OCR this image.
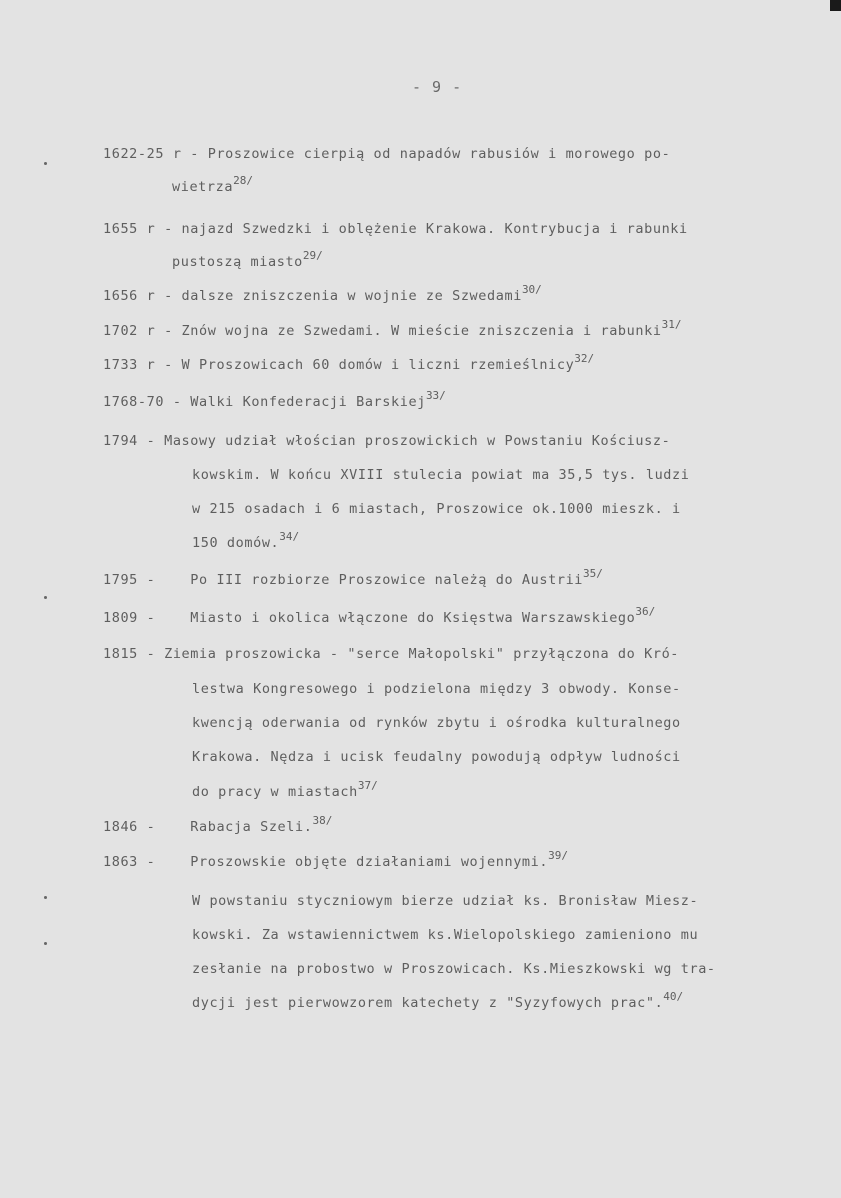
- 9 -
1622-25 r - Proszowice cierpią od napadów rabusiów i morowego po-
wietrza$^{28/}$
1655 r - najazd Szwedzki i oblężenie Krakowa. Kontrybucja i rabunki
pustoszą miasto$^{29/}$
1656 r - dalsze zniszczenia w wojnie ze Szwedami$^{30/}$
1702 r - Znów wojna ze Szwedami. W mieście zniszczenia i rabunki$^{31/}$
1733 r - W Proszowicach 60 domów i liczni rzemieślnicy$^{32/}$
1768-70 - Walki Konfederacji Barskiej$^{33/}$
1794 - Masowy udział włościan proszowickich w Powstaniu Kościusz-
kowskim. W końcu XVIII stulecia powiat ma 35,5 tys. ludzi
w 215 osadach i 6 miastach, Proszowice ok.1000 mieszk. i
150 domów.$^{34/}$
1795 -    Po III rozbiorze Proszowice należą do Austrii$^{35/}$
1809 -    Miasto i okolica włączone do Księstwa Warszawskiego$^{36/}$
1815 - Ziemia proszowicka - "serce Małopolski" przyłączona do Kró-
lestwa Kongresowego i podzielona między 3 obwody. Konse-
kwencją oderwania od rynków zbytu i ośrodka kulturalnego
Krakowa. Nędza i ucisk feudalny powodują odpływ ludności
do pracy w miastach$^{37/}$
1846 -    Rabacja Szeli.$^{38/}$
1863 -    Proszowskie objęte działaniami wojennymi.$^{39/}$
W powstaniu styczniowym bierze udział ks. Bronisław Miesz-
kowski. Za wstawiennictwem ks.Wielopolskiego zamieniono mu
zesłanie na probostwo w Proszowicach. Ks.Mieszkowski wg tra-
dycji jest pierwowzorem katechety z "Syzyfowych prac".$^{40/}$
